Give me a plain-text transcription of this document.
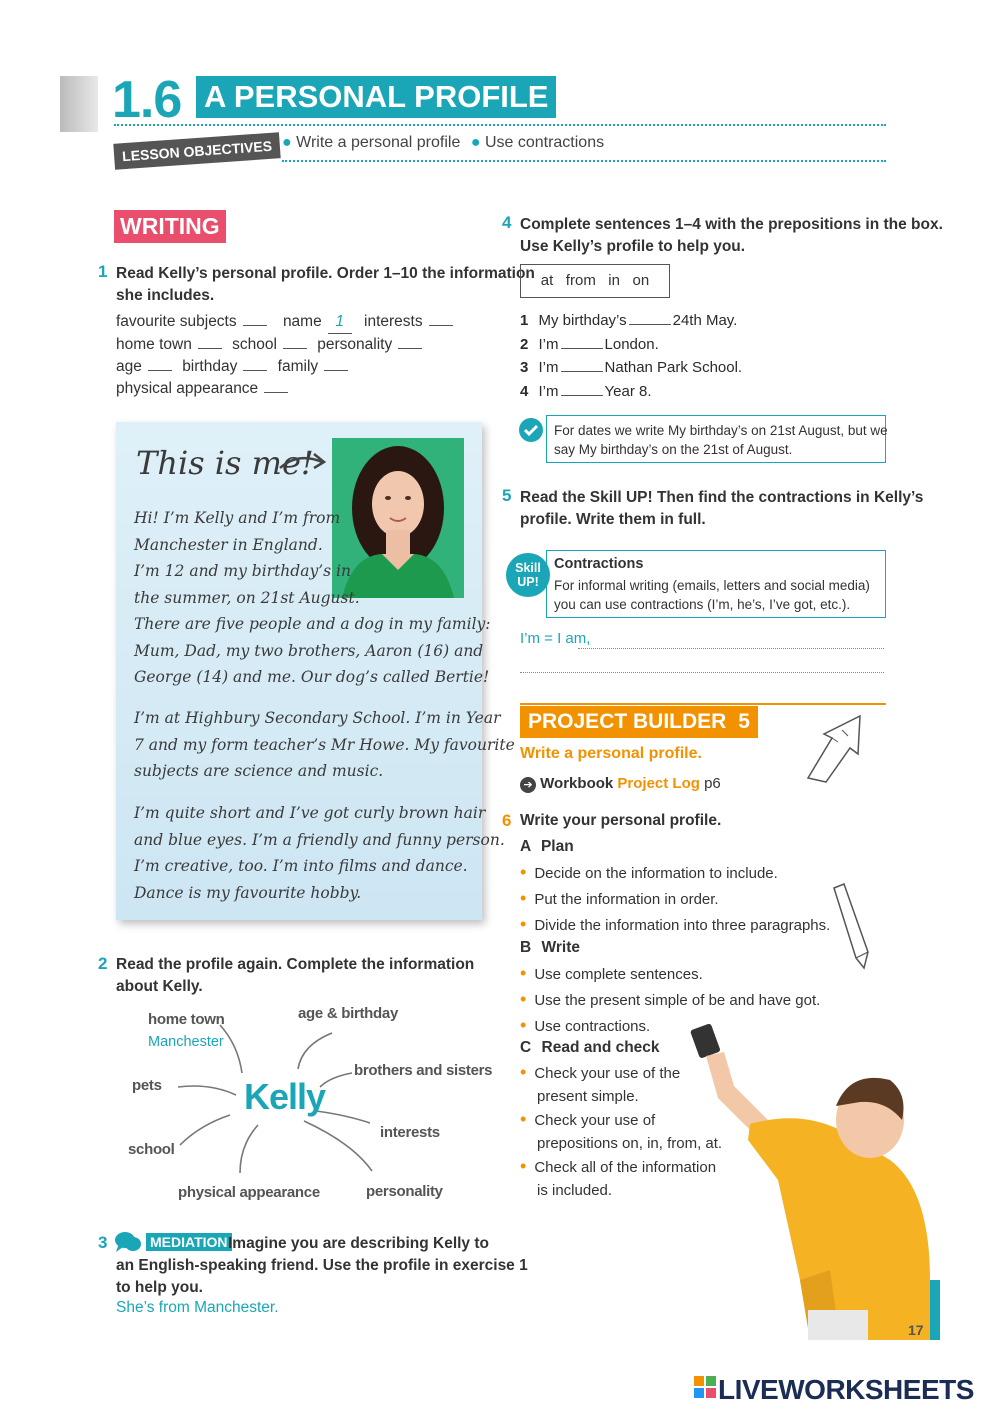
1.6 A PERSONAL PROFILE
LESSON OBJECTIVES ● Write a personal profile ● Use contractions
WRITING
1 Read Kelly’s personal profile. Order 1–10 the information
she includes.
favourite subjects	name 1 interests
home town	school	personality
age	birthday	family
physical appearance
This is me!
Hi! I’m Kelly and I’m from
Manchester in England.
I’m 12 and my birthday’s in
the summer, on 21st August.
There are five people and a dog in my family:
Mum, Dad, my two brothers, Aaron (16) and
George (14) and me. Our dog’s called Bertie!
I’m at Highbury Secondary School. I’m in Year
7 and my form teacher’s Mr Howe. My favourite
subjects are science and music.
I’m quite short and I’ve got curly brown hair
and blue eyes. I’m a friendly and funny person.
I’m creative, too. I’m into films and dance.
Dance is my favourite hobby.
2 Read the profile again. Complete the information
about Kelly.
home town
Manchester
age & birthday
brothers and sisters
pets Kelly
interests
school
physical appearance	personality
3	MEDIATION Imagine you are describing Kelly to
an English-speaking friend. Use the profile in exercise 1
to help you.
She’s from Manchester.
4 Complete sentences 1–4 with the prepositions in the box.
Use Kelly’s profile to help you.
at   from   in   on
1 My birthday’s	24th May.
2 I’m	London.
3 I’m	Nathan Park School.
4 I’m	Year 8.
For dates we write My birthday’s on 21st August, but we
say My birthday’s on the 21st of August.
5 Read the Skill UP! Then find the contractions in Kelly’s
profile. Write them in full.
Skill
UP!
Contractions
For informal writing (emails, letters and social media)
you can use contractions (I’m, he’s, I’ve got, etc.).
I’m = I am,
PROJECT BUILDER 5
Write a personal profile.
➔ Workbook Project Log p6
6 Write your personal profile.
A Plan
• Decide on the information to include.
• Put the information in order.
• Divide the information into three paragraphs.
B Write
• Use complete sentences.
• Use the present simple of be and have got.
• Use contractions.
C Read and check
• Check your use of the
present simple.
• Check your use of
prepositions on, in, from, at.
• Check all of the information
is included.
17
LIVEWORKSHEETS
